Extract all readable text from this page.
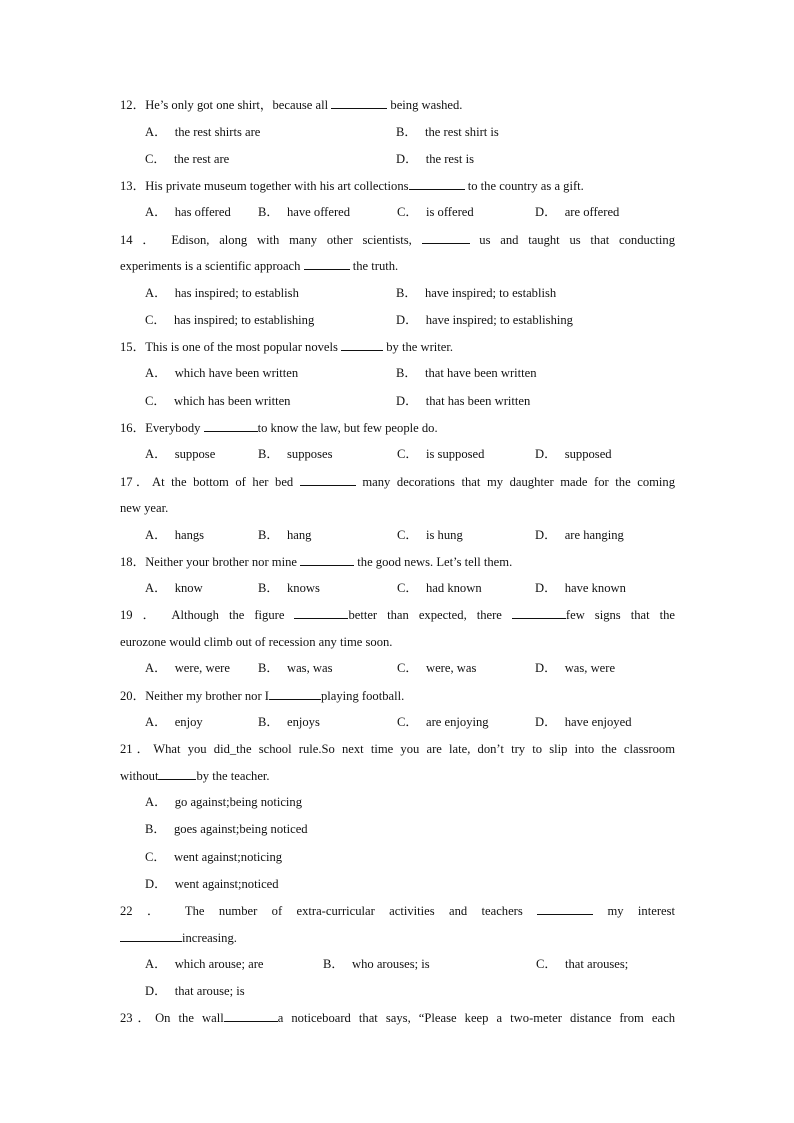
12．He’s only got one shirt，because all	being washed.

A． the rest shirts are	B． the rest shirt is
C． the rest are	D． the rest is

13．His private museum together with his art collections	to the country as a gift.

A． has offered B． have offered	C． is offered	D． are offered

14 ． Edison, along with many other scientists,	us and taught us that conducting

experiments is a scientific approach	the truth.

A． has inspired; to establish	B． have inspired; to establish
C． has inspired; to establishing	D． have inspired; to establishing

15．This is one of the most popular novels	by the writer.

A． which have been written	B． that have been written
C． which has been written	D． that has been written

16．Everybody	to know the law, but few people do.

A． suppose	B． supposes	C． is supposed	D． supposed

17．At the bottom of her bed	many decorations that my daughter made for the coming

new year.

A． hangs	B． hang	C． is hung	D． are hanging

18．Neither your brother nor mine	the good news. Let’s tell them.

A． know	B． knows	C． had known	D． have known

19 ． Although the figure	better than expected, there	few signs that the

eurozone would climb out of recession any time soon.

A． were, were B． was, was	C． were, was	D． was, were

20．Neither my brother nor I	playing football.

A． enjoy	B． enjoys	C． are enjoying	D． have enjoyed

21．What you did_the school rule.So next time you are late, don’t try to slip into the classroom

without	by the teacher.

A． go against;being noticing
B． goes against;being noticed
C． went against;noticing
D． went against;noticed

22 ． The number of extra-curricular activities and teachers	my interest

increasing.

A． which arouse; are	B． who arouses; is	C． that arouses;
D． that arouse; is

23．On the wall	a noticeboard that says, “Please keep a two-meter distance from each
